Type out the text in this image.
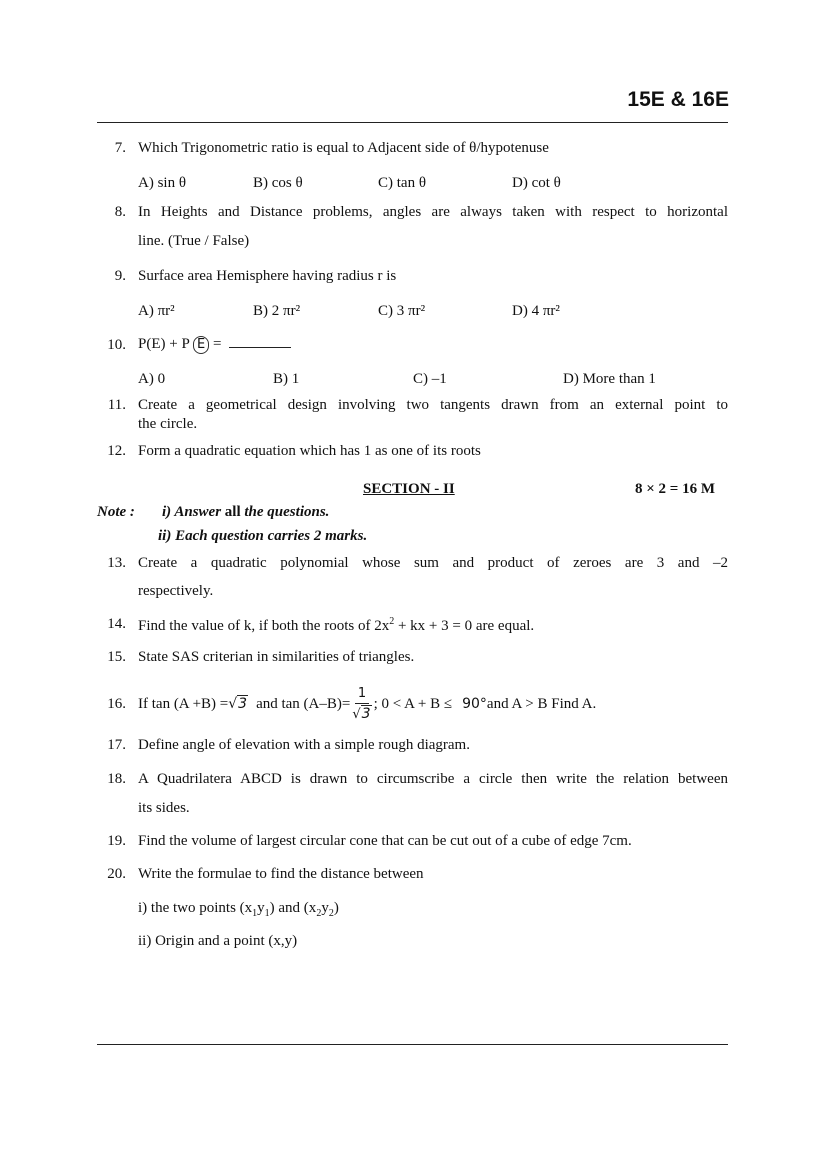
15E & 16E
7. Which Trigonometric ratio is equal to Adjacent side of θ/hypotenuse
A) sin θ	B) cos θ	C) tan θ	D) cot θ
8. In Heights and Distance problems, angles are always taken with respect to horizontal
line. (True / False)
9. Surface area Hemisphere having radius r is
A) πr²	B) 2 πr²	C) 3 πr²	D) 4 πr²
10. P(E) + P E =
A) 0	B) 1	C) –1	D) More than 1
11. Create a geometrical design involving two tangents drawn from an external point to
the circle.
12. Form a quadratic equation which has 1 as one of its roots
SECTION - II	8 × 2 = 16 M
Note : i) Answer all the questions.
ii) Each question carries 2 marks.
13. Create a quadratic polynomial whose sum and product of zeroes are 3 and –2
respectively.
14. Find the value of k, if both the roots of $2x^2$ + kx + 3 = 0 are equal.
15. State SAS criterian in similarities of triangles.
16. If tan (A +B) = √3 and $\tan (A-B)= \frac{1}{√3}$ ; 0 < A + B ≤ 90° and A > B Find A.
17. Define angle of elevation with a simple rough diagram.
18. A Quadrilatera ABCD is drawn to circumscribe a circle then write the relation between
its sides.
19. Find the volume of largest circular cone that can be cut out of a cube of edge 7cm.
20. Write the formulae to find the distance between
i) the two points $(x_1y_1)$ and $(x_2y_2)$
ii) Origin and a point (x,y)
